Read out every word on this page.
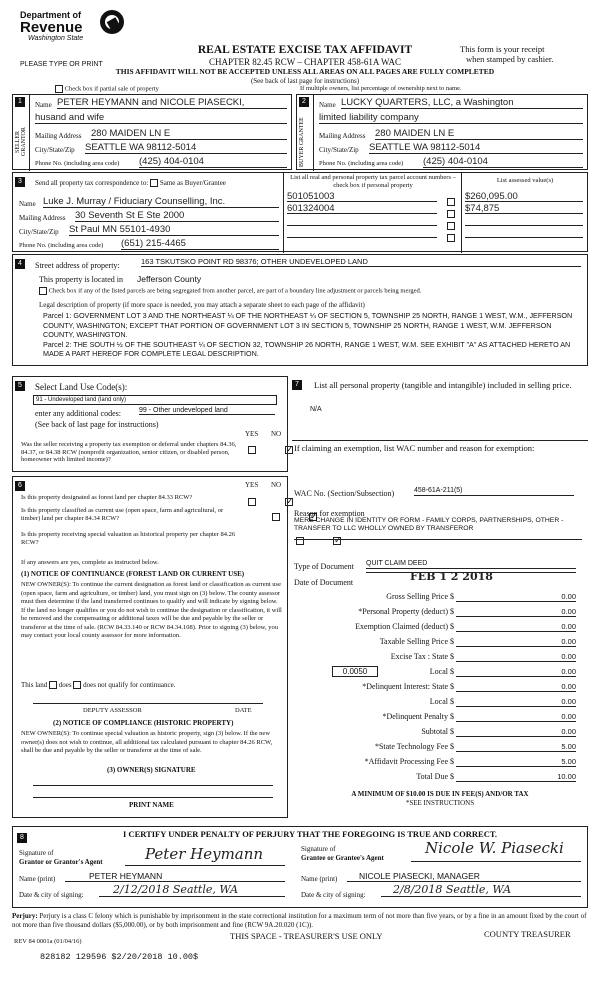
Department of
Revenue
Washington State
PLEASE TYPE OR PRINT
REAL ESTATE EXCISE TAX AFFIDAVIT
CHAPTER 82.45 RCW – CHAPTER 458-61A WAC
THIS AFFIDAVIT WILL NOT BE ACCEPTED UNLESS ALL AREAS ON ALL PAGES ARE FULLY COMPLETED
(See back of last page for instructions)
This form is your receipt
when stamped by cashier.
Check box if partial sale of property	If multiple owners, list percentage of ownership next to name.
1
SELLER GRANTOR
Name PETER HEYMANN and NICOLE PIASECKI,
husand and wife
Mailing Address 280 MAIDEN LN E
City/State/Zip SEATTLE WA 98112-5014
Phone No. (including area code) (425) 404-0104
2
BUYER GRANTEE
Name LUCKY QUARTERS, LLC, a Washington
limited liability company
Mailing Address 280 MAIDEN LN E
City/State/Zip SEATTLE WA 98112-5014
Phone No. (including area code) (425) 404-0104
3	Send all property tax correspondence to: Same as Buyer/Grantee
Name Luke J. Murray / Fiduciary Counselling, Inc.
Mailing Address 30 Seventh St E Ste 2000
City/State/Zip St Paul MN 55101-4930
Phone No. (including area code) (651) 215-4465
List all real and personal property tax parcel account numbers – check box if personal property
List assessed value(s)
501051003	$260,095.00
601324004	$74,875
4	Street address of property:	163 TSKUTSKO POINT RD 98376; OTHER UNDEVELOPED LAND
This property is located in Jefferson County
Check box if any of the listed parcels are being segregated from another parcel, are part of a boundary line adjustment or parcels being merged.
Legal description of property (if more space is needed, you may attach a separate sheet to each page of the affidavit)
Parcel 1: GOVERNMENT LOT 3 AND THE NORTHEAST ¼ OF THE NORTHEAST ¼ OF SECTION 5, TOWNSHIP 25 NORTH, RANGE 1 WEST, W.M., JEFFERSON COUNTY, WASHINGTON; EXCEPT THAT PORTION OF GOVERNMENT LOT 3 IN SECTION 5, TOWNSHIP 25 NORTH, RANGE 1 WEST, W.M. JEFFERSON COUNTY, WASHINGTON.
Parcel 2: THE SOUTH ½ OF THE SOUTHEAST ¼ OF SECTION 32, TOWNSHIP 26 NORTH, RANGE 1 WEST, W.M. SEE EXHIBIT "A" AS ATTACHED HERETO AN MADE A PART HEREOF FOR COMPLETE LEGAL DESCRIPTION.
5	Select Land Use Code(s):
91 - Undeveloped land (land only)
enter any additional codes:	99 - Other undeveloped land
(See back of last page for instructions)
YES NO
Was the seller receiving a property tax exemption or deferral under chapters 84.36, 84.37, or 84.38 RCW (nonprofit organization, senior citizen, or disabled person, homeowner with limited income)?
✓
6	YES NO
Is this property designated as forest land per chapter 84.33 RCW?
✓
Is this property classified as current use (open space, farm and agricultural, or timber) land per chapter 84.34 RCW?
✓
Is this property receiving special valuation as historical property per chapter 84.26 RCW?
✓
If any answers are yes, complete as instructed below.
(1) NOTICE OF CONTINUANCE (FOREST LAND OR CURRENT USE)
NEW OWNER(S): To continue the current designation as forest land or classification as current use (open space, farm and agriculture, or timber) land, you must sign on (3) below. The county assessor must then determine if the land transferred continues to qualify and will indicate by signing below. If the land no longer qualifies or you do not wish to continue the designation or classification, it will be removed and the compensating or additional taxes will be due and payable by the seller or transferor at the time of sale. (RCW 84.33.140 or RCW 84.34.108). Prior to signing (3) below, you may contact your local county assessor for more information.
This land does does not qualify for continuance.
DEPUTY ASSESSOR	DATE
(2) NOTICE OF COMPLIANCE (HISTORIC PROPERTY)
NEW OWNER(S): To continue special valuation as historic property, sign (3) below. If the new owner(s) does not wish to continue, all additional tax calculated pursuant to chapter 84.26 RCW, shall be due and payable by the seller or transferor at the time of sale.
(3) OWNER(S) SIGNATURE
PRINT NAME
7	List all personal property (tangible and intangible) included in selling price.
N/A
If claiming an exemption, list WAC number and reason for exemption:
WAC No. (Section/Subsection)	458-61A-211(5)
Reason for exemption
MERE CHANGE IN IDENTITY OR FORM - FAMILY CORPS, PARTNERSHIPS, OTHER - TRANSFER TO LLC WHOLLY OWNED BY TRANSFEROR
Type of Document QUIT CLAIM DEED
Date of Document	FEB 1 2 2018
Gross Selling Price $	0.00
*Personal Property (deduct) $	0.00
Exemption Claimed (deduct) $	0.00
Taxable Selling Price $	0.00
Excise Tax : State $	0.00
0.0050	Local $	0.00
*Delinquent Interest: State $	0.00
Local $	0.00
*Delinquent Penalty $	0.00
Subtotal $	0.00
*State Technology Fee $	5.00
*Affidavit Processing Fee $	5.00
Total Due $	10.00
A MINIMUM OF $10.00 IS DUE IN FEE(S) AND/OR TAX
*SEE INSTRUCTIONS
8	I CERTIFY UNDER PENALTY OF PERJURY THAT THE FOREGOING IS TRUE AND CORRECT.
Signature of
Grantor or Grantor's Agent	Peter Heymann
Name (print)	PETER HEYMANN
Date & city of signing:	2/12/2018 Seattle, WA
Signature of
Grantee or Grantee's Agent
Nicole W. Piasecki
Name (print)	NICOLE PIASECKI, MANAGER
Date & city of signing:	2/8/2018 Seattle, WA
Perjury: Perjury is a class C felony which is punishable by imprisonment in the state correctional institution for a maximum term of not more than five years, or by a fine in an amount fixed by the court of not more than five thousand dollars ($5,000.00), or by both imprisonment and fine (RCW 9A.20.020 (1C)).
REV 84 0001a (01/04/16)
THIS SPACE - TREASURER'S USE ONLY	COUNTY TREASURER
828182 129596 $2/20/2018 10.00$
